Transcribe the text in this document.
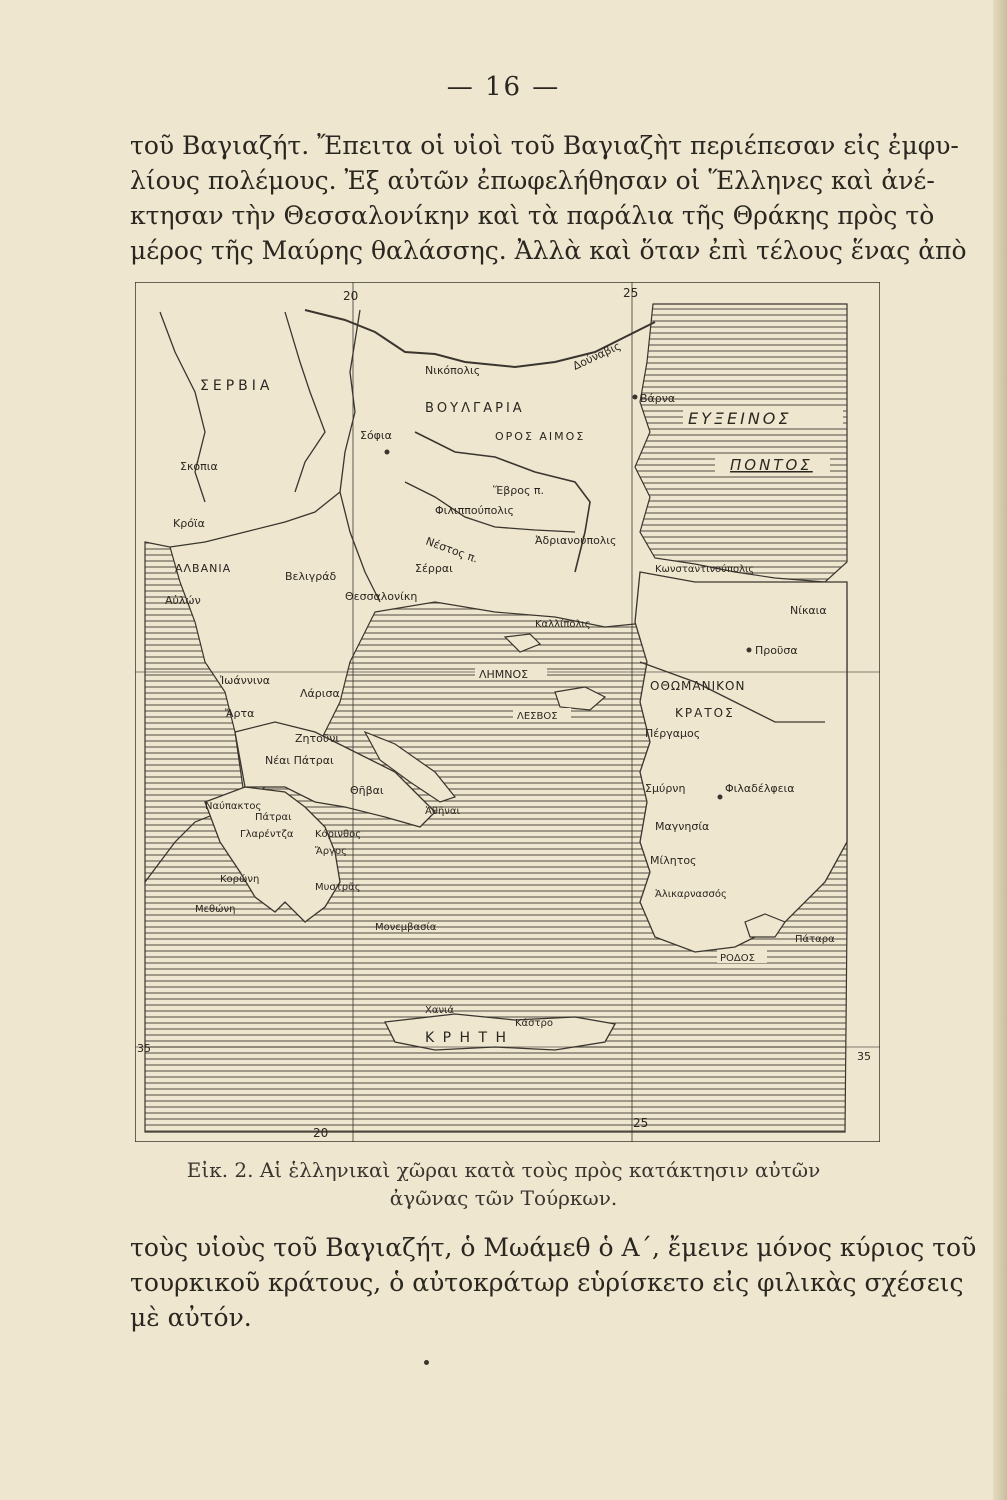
— 16 —
τοῦ Βαγιαζήτ. Ἔπειτα οἱ υἱοὶ τοῦ Βαγιαζὴτ περιέπεσαν εἰς ἐμφυ-
λίους πολέμους. Ἐξ αὐτῶν ἐπωφελήθησαν οἱ Ἕλληνες καὶ ἀνέ-
κτησαν τὴν Θεσσαλονίκην καὶ τὰ παράλια τῆς Θράκης πρὸς τὸ
μέρος τῆς Μαύρης θαλάσσης. Ἀλλὰ καὶ ὅταν ἐπὶ τέλους ἕνας ἀπὸ
20	25
20
25
35
35
ΕΥΞΕΙΝΟΣ
ΠΟΝΤΟΣ
Κ Ρ Η Τ Η
ΣΕΡΒΙΑ
ΒΟΥΛΓΑΡΙΑ
ΑΛΒΑΝΙΑ
ΟΘΩΜΑΝΙΚΟΝ
ΚΡΑΤΟΣ
ΟΡΟΣ ΑΙΜΟΣ
ΛΗΜΝΟΣ
ΛΕΣΒΟΣ
ΡΟΔΟΣ
Νικόπολις	Δούναβις
Βάρνα
Σόφια
Σκόπια
Ἕβρος π.
Φιλιππούπολις
Κρόϊα
Ἀδριανούπολις
Νέστος π.
Σέρραι
Βελιγράδ
Κωνσταντινούπολις
Θεσσαλονίκη
Νίκαια
Καλλίπολις
Αὐλών
Προῦσα
Ἰωάννινα
Λάρισα
Ἄρτα
Ζητοῦνι
Νέαι Πάτραι
Ναύπακτος
Θῆβαι
Ἀθῆναι
Πάτραι
Γλαρέντζα Κόρινθος
Ἄργος
Κορώνη
Μεθώνη
Μυστρᾶς
Μονεμβασία
Πέργαμος
Σμύρνη	Φιλαδέλφεια
Μαγνησία
Μίλητος
Ἁλικαρνασσός
Πάταρα
Χανιά
Κάστρο
Εἰκ. 2. Αἱ ἑλληνικαὶ χῶραι κατὰ τοὺς πρὸς κατάκτησιν αὐτῶν
ἀγῶνας τῶν Τούρκων.
τοὺς υἱοὺς τοῦ Βαγιαζήτ, ὁ Μωάμεθ ὁ Α΄, ἔμεινε μόνος κύριος τοῦ
τουρκικοῦ κράτους, ὁ αὐτοκράτωρ εὑρίσκετο εἰς φιλικὰς σχέσεις
μὲ αὐτόν.
